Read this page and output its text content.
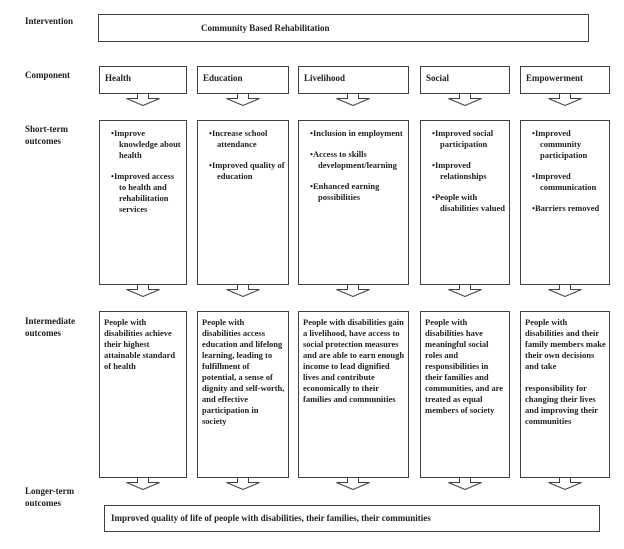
Intervention
Component
Short-term outcomes
Intermediate outcomes
Longer-term outcomes
Community Based Rehabilitation
Health	Education	Livelihood	Social	Empowerment
• Improve knowledge about health
• Improved access to health and rehabilitation services
• Increase school attendance
• Improved quality of education
• Inclusion in employment
• Access to skills development/learning
• Enhanced earning possibilities
• Improved social participation
• Improved relationships
• People with disabilities valued
• Improved community participation
• Improved communication
• Barriers removed
People with disabilities achieve their highest attainable standard of health
People with disabilities access education and lifelong learning, leading to fulfillment of potential, a sense of dignity and self-worth, and effective participation in society
People with disabilities gain a livelihood, have access to social protection measures and are able to earn enough income to lead dignified lives and contribute economically to their families and communities
People with disabilities have meaningful social roles and responsibilities in their families and communities, and are treated as equal members of society
People with disabilities and their family members make their own decisions and take
responsibility for changing their lives and improving their communities
Improved quality of life of people with disabilities, their families, their communities
